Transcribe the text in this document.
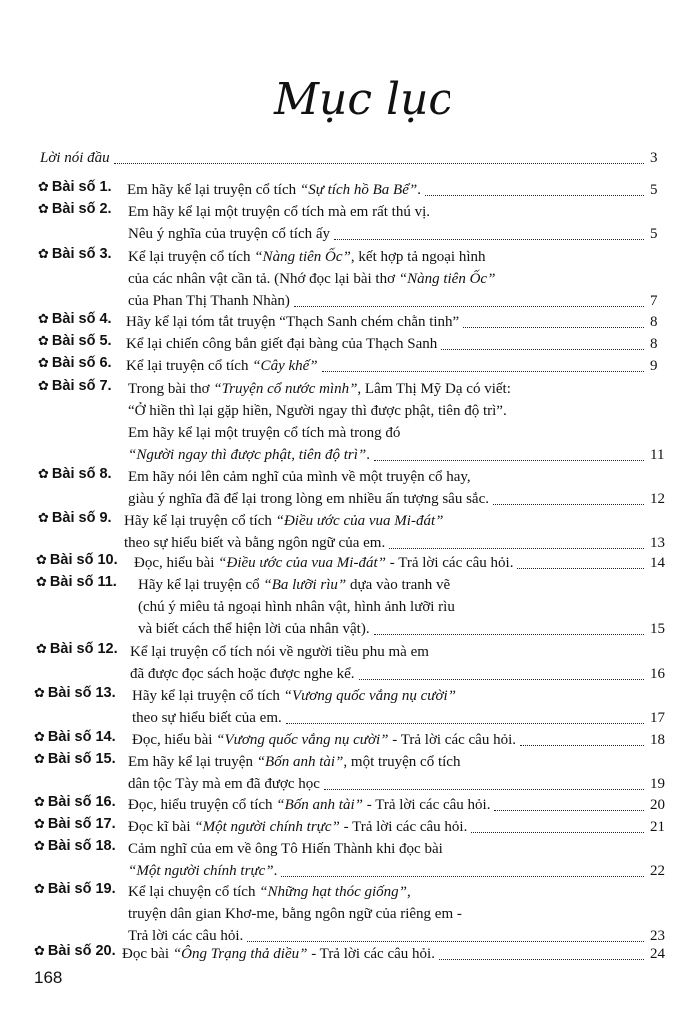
Mục lục
Lời nói đầu	3
✿ Bài số 1. Em hãy kể lại truyện cổ tích “Sự tích hồ Ba Bể”.	5
✿ Bài số 2. Em hãy kể lại một truyện cổ tích mà em rất thú vị.
Nêu ý nghĩa của truyện cổ tích ấy	5
✿ Bài số 3. Kể lại truyện cổ tích “Nàng tiên Ốc”, kết hợp tả ngoại hình
của các nhân vật cần tả. (Nhớ đọc lại bài thơ “Nàng tiên Ốc”
của Phan Thị Thanh Nhàn)	7
✿ Bài số 4. Hãy kể lại tóm tắt truyện “Thạch Sanh chém chằn tinh”	8
✿ Bài số 5. Kể lại chiến công bắn giết đại bàng của Thạch Sanh	8
✿ Bài số 6. Kể lại truyện cổ tích “Cây khế”	9
✿ Bài số 7. Trong bài thơ “Truyện cổ nước mình”, Lâm Thị Mỹ Dạ có viết:
“Ở hiền thì lại gặp hiền, Người ngay thì được phật, tiên độ trì”.
Em hãy kể lại một truyện cổ tích mà trong đó
“Người ngay thì được phật, tiên độ trì”.	11
✿ Bài số 8. Em hãy nói lên cảm nghĩ của mình về một truyện cổ hay,
giàu ý nghĩa đã để lại trong lòng em nhiều ấn tượng sâu sắc.	12
✿ Bài số 9. Hãy kể lại truyện cổ tích “Điều ước của vua Mi-đát”
theo sự hiểu biết và bằng ngôn ngữ của em.	13
✿ Bài số 10. Đọc, hiểu bài “Điều ước của vua Mi-đát” - Trả lời các câu hỏi.	14
✿ Bài số 11. Hãy kể lại truyện cổ “Ba lưỡi rìu” dựa vào tranh vẽ
(chú ý miêu tả ngoại hình nhân vật, hình ảnh lưỡi rìu
và biết cách thể hiện lời của nhân vật).	15
✿ Bài số 12. Kể lại truyện cổ tích nói về người tiều phu mà em
đã được đọc sách hoặc được nghe kể.	16
✿ Bài số 13. Hãy kể lại truyện cổ tích “Vương quốc vắng nụ cười”
theo sự hiểu biết của em.	17
✿ Bài số 14. Đọc, hiểu bài “Vương quốc vắng nụ cười” - Trả lời các câu hỏi.	18
✿ Bài số 15. Em hãy kể lại truyện “Bốn anh tài”, một truyện cổ tích
dân tộc Tày mà em đã được học	19
✿ Bài số 16. Đọc, hiểu truyện cổ tích “Bốn anh tài” - Trả lời các câu hỏi.	20
✿ Bài số 17. Đọc kĩ bài “Một người chính trực” - Trả lời các câu hỏi.	21
✿ Bài số 18. Cảm nghĩ của em về ông Tô Hiến Thành khi đọc bài
“Một người chính trực”.	22
✿ Bài số 19. Kể lại chuyện cổ tích “Những hạt thóc giống”,
truyện dân gian Khơ-me, bằng ngôn ngữ của riêng em -
Trả lời các câu hỏi.	23
✿ Bài số 20. Đọc bài “Ông Trạng thả diều” - Trả lời các câu hỏi.	24
168
